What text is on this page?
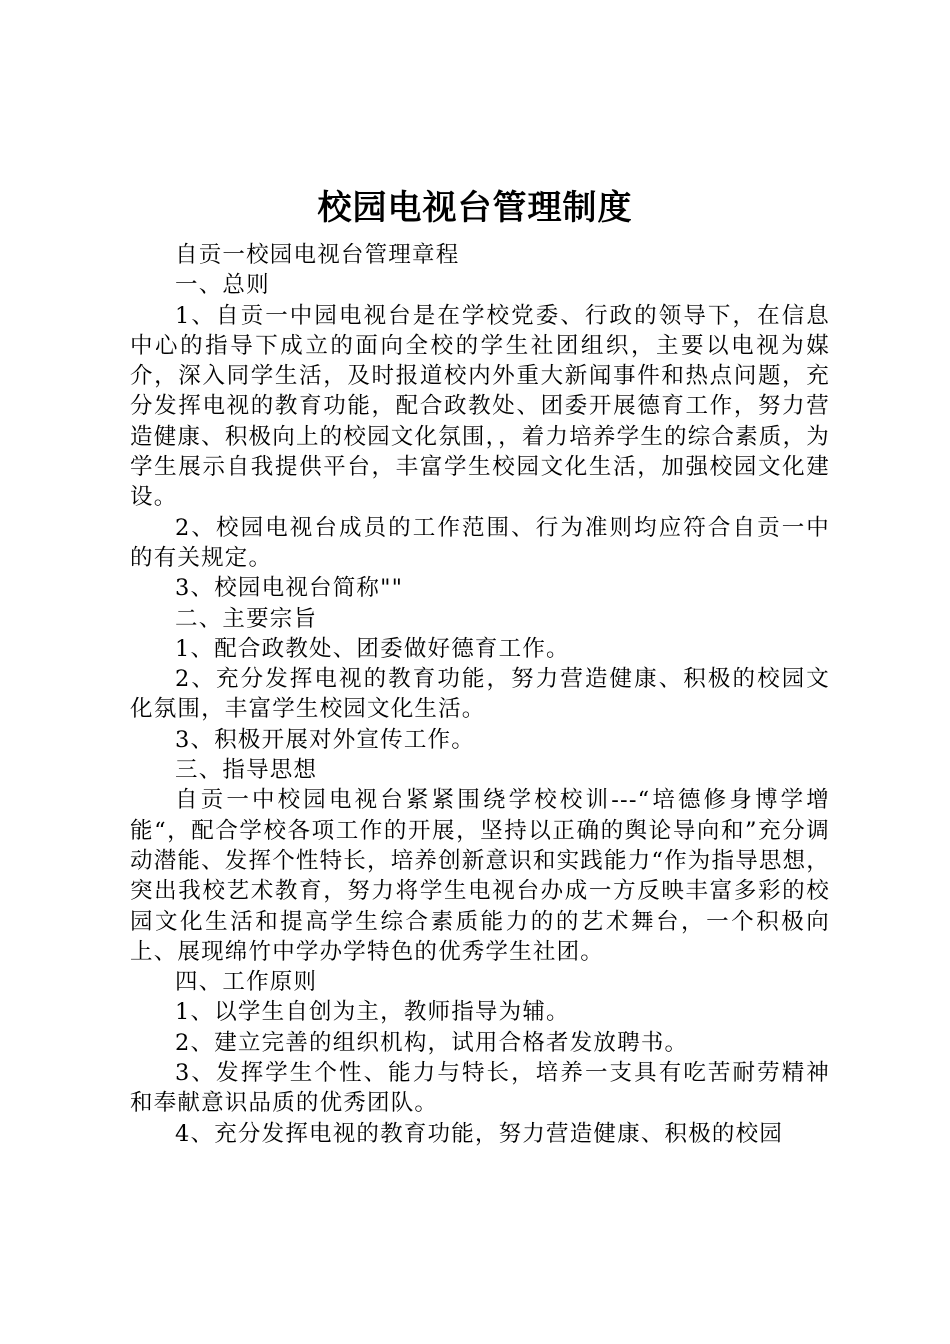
校园电视台管理制度

自贡一校园电视台管理章程

一、总则

1、自贡一中园电视台是在学校党委、行政的领导下，在信息中心的指导下成立的面向全校的学生社团组织，主要以电视为媒介，深入同学生活，及时报道校内外重大新闻事件和热点问题，充分发挥电视的教育功能，配合政教处、团委开展德育工作，努力营造健康、积极向上的校园文化氛围，，着力培养学生的综合素质，为学生展示自我提供平台，丰富学生校园文化生活，加强校园文化建设。

2、校园电视台成员的工作范围、行为准则均应符合自贡一中的有关规定。

3、校园电视台简称""

二、主要宗旨

1、配合政教处、团委做好德育工作。

2、充分发挥电视的教育功能，努力营造健康、积极的校园文化氛围，丰富学生校园文化生活。

3、积极开展对外宣传工作。

三、指导思想

自贡一中校园电视台紧紧围绕学校校训---“培德修身博学增能“，配合学校各项工作的开展，坚持以正确的舆论导向和”充分调动潜能、发挥个性特长，培养创新意识和实践能力“作为指导思想，突出我校艺术教育，努力将学生电视台办成一方反映丰富多彩的校园文化生活和提高学生综合素质能力的的艺术舞台，一个积极向上、展现绵竹中学办学特色的优秀学生社团。

四、工作原则

1、以学生自创为主，教师指导为辅。

2、建立完善的组织机构，试用合格者发放聘书。

3、发挥学生个性、能力与特长，培养一支具有吃苦耐劳精神和奉献意识品质的优秀团队。

4、充分发挥电视的教育功能，努力营造健康、积极的校园
